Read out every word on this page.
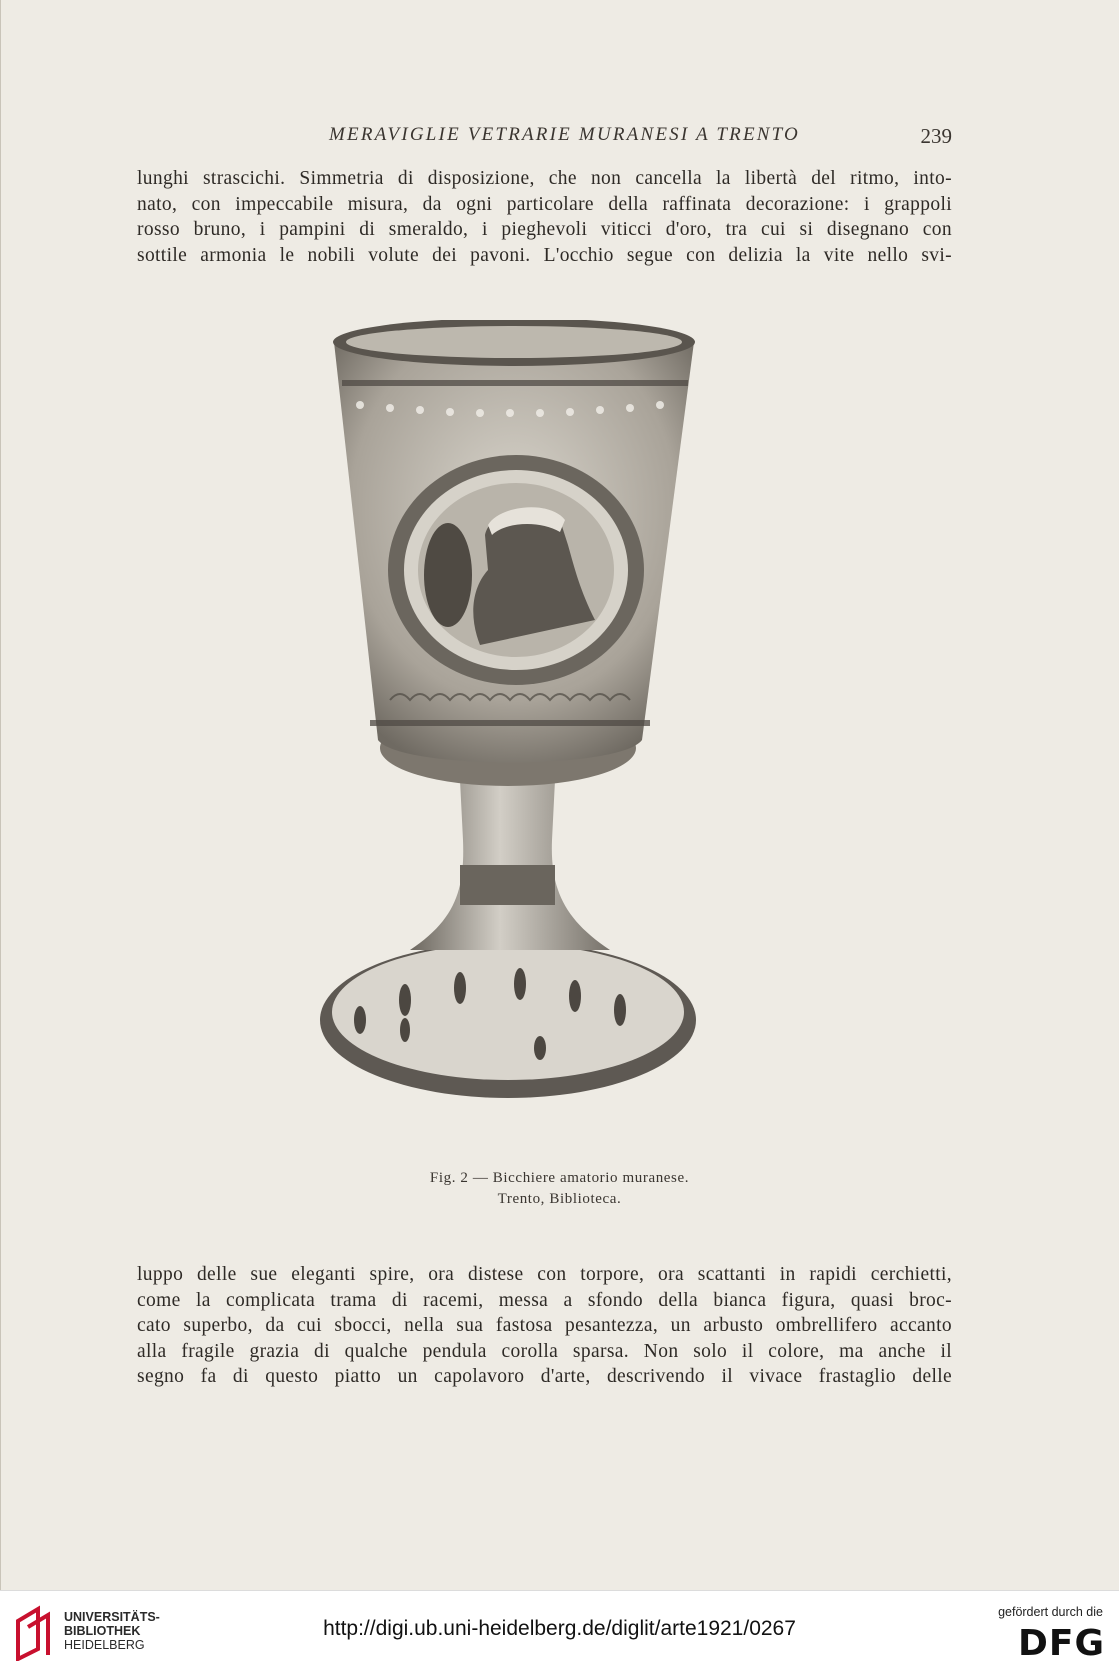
MERAVIGLIE VETRARIE MURANESI A TRENTO	239
lunghi strascichi. Simmetria di disposizione, che non cancella la libertà del ritmo, into-
nato, con impeccabile misura, da ogni particolare della raffinata decorazione: i grappoli
rosso bruno, i pampini di smeraldo, i pieghevoli viticci d'oro, tra cui si disegnano con
sottile armonia le nobili volute dei pavoni. L'occhio segue con delizia la vite nello svi-
Fig. 2 — Bicchiere amatorio muranese.
Trento, Biblioteca.
luppo delle sue eleganti spire, ora distese con torpore, ora scattanti in rapidi cerchietti,
come la complicata trama di racemi, messa a sfondo della bianca figura, quasi broc-
cato superbo, da cui sbocci, nella sua fastosa pesantezza, un arbusto ombrellifero accanto
alla fragile grazia di qualche pendula corolla sparsa. Non solo il colore, ma anche il
segno fa di questo piatto un capolavoro d'arte, descrivendo il vivace frastaglio delle
UNIVERSITÄTS-
BIBLIOTHEK
HEIDELBERG
http://digi.ub.uni-heidelberg.de/diglit/arte1921/0267
gefördert durch die
DFG
